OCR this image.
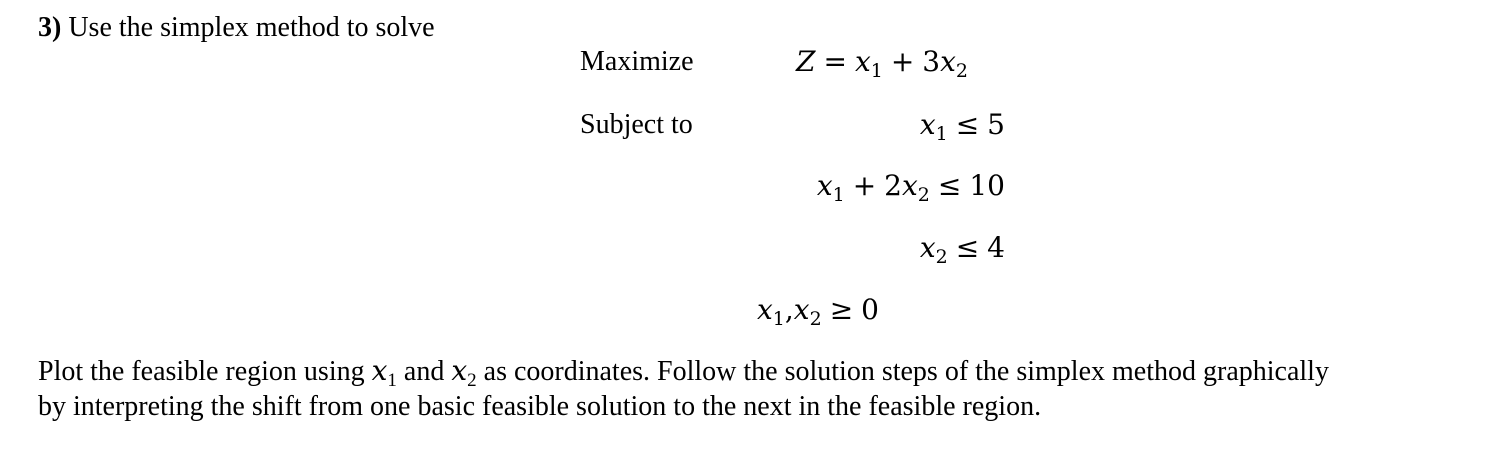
3) Use the simplex method to solve
Maximize
Subject to
$Z = x_1 + 3x_2$
$x_1 \le 5$
$x_1 + 2x_2 \le 10$
$x_2 \le 4$
$x_1,x_2 \ge 0$
Plot the feasible region using $x_1$ and $x_2$ as coordinates. Follow the solution steps of the simplex method graphically
by interpreting the shift from one basic feasible solution to the next in the feasible region.
